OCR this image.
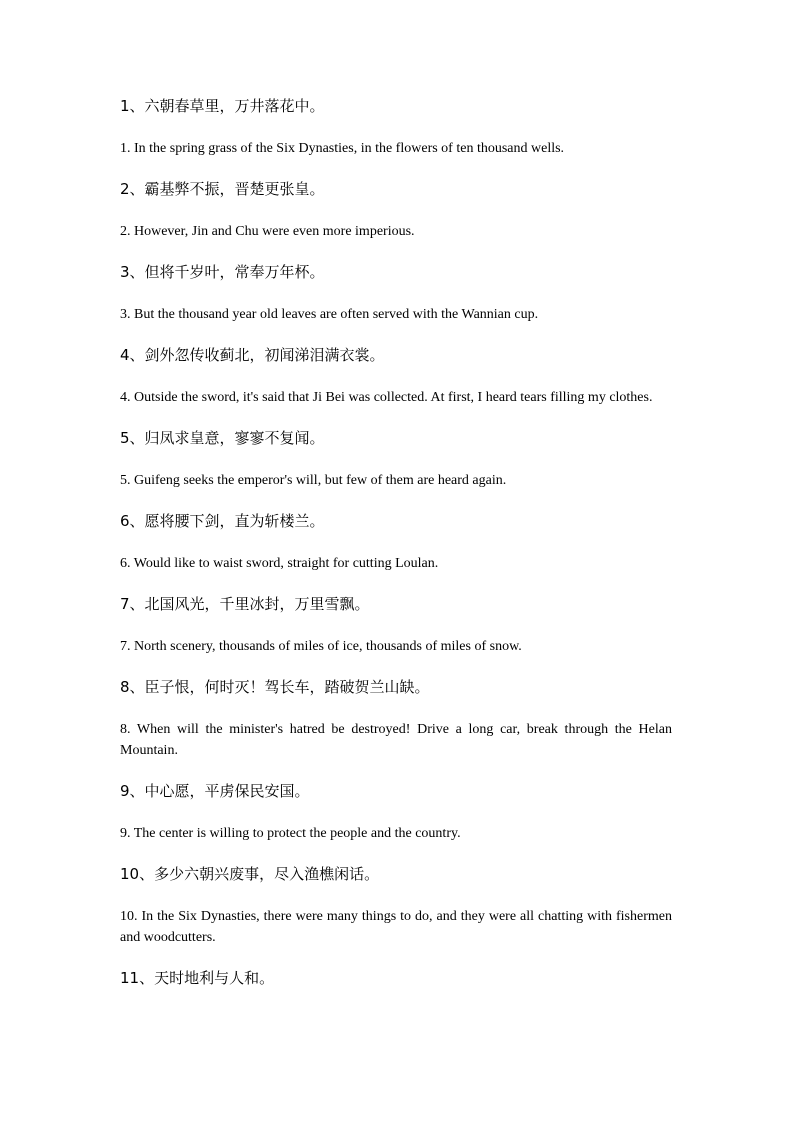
1、六朝春草里，万井落花中。

1. In the spring grass of the Six Dynasties, in the flowers of ten thousand wells.

2、霸基弊不振，晋楚更张皇。

2. However, Jin and Chu were even more imperious.

3、但将千岁叶，常奉万年杯。

3. But the thousand year old leaves are often served with the Wannian cup.

4、剑外忽传收蓟北，初闻涕泪满衣裳。

4. Outside the sword, it's said that Ji Bei was collected. At first, I heard tears filling my clothes.

5、归凤求皇意，寥寥不复闻。

5. Guifeng seeks the emperor's will, but few of them are heard again.

6、愿将腰下剑，直为斩楼兰。

6. Would like to waist sword, straight for cutting Loulan.

7、北国风光，千里冰封，万里雪飘。

7. North scenery, thousands of miles of ice, thousands of miles of snow.

8、臣子恨，何时灭！驾长车，踏破贺兰山缺。

8. When will the minister's hatred be destroyed! Drive a long car, break through the Helan Mountain.

9、中心愿，平虏保民安国。

9. The center is willing to protect the people and the country.

10、多少六朝兴废事，尽入渔樵闲话。

10. In the Six Dynasties, there were many things to do, and they were all chatting with fishermen and woodcutters.

11、天时地利与人和。
